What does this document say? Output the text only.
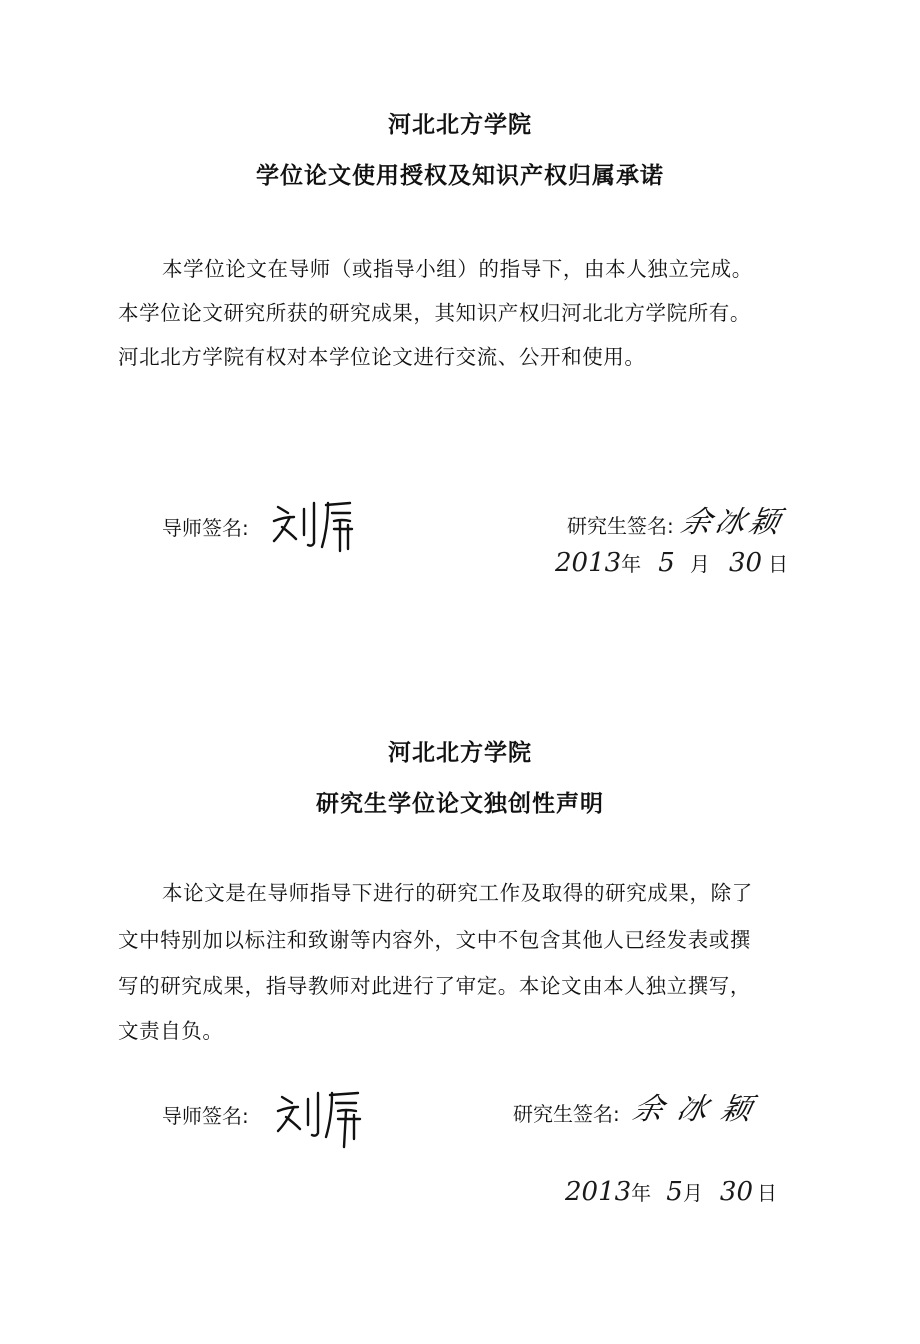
河北北方学院
学位论文使用授权及知识产权归属承诺
本学位论文在导师（或指导小组）的指导下，由本人独立完成。
本学位论文研究所获的研究成果，其知识产权归河北北方学院所有。
河北北方学院有权对本学位论文进行交流、公开和使用。
导师签名:	研究生签名: 余冰颖
2013年 5 月 30 日
河北北方学院
研究生学位论文独创性声明
本论文是在导师指导下进行的研究工作及取得的研究成果，除了
文中特别加以标注和致谢等内容外，文中不包含其他人已经发表或撰
写的研究成果，指导教师对此进行了审定。本论文由本人独立撰写，
文责自负。
导师签名:	研究生签名: 余冰颖
2013年 5月 30 日
